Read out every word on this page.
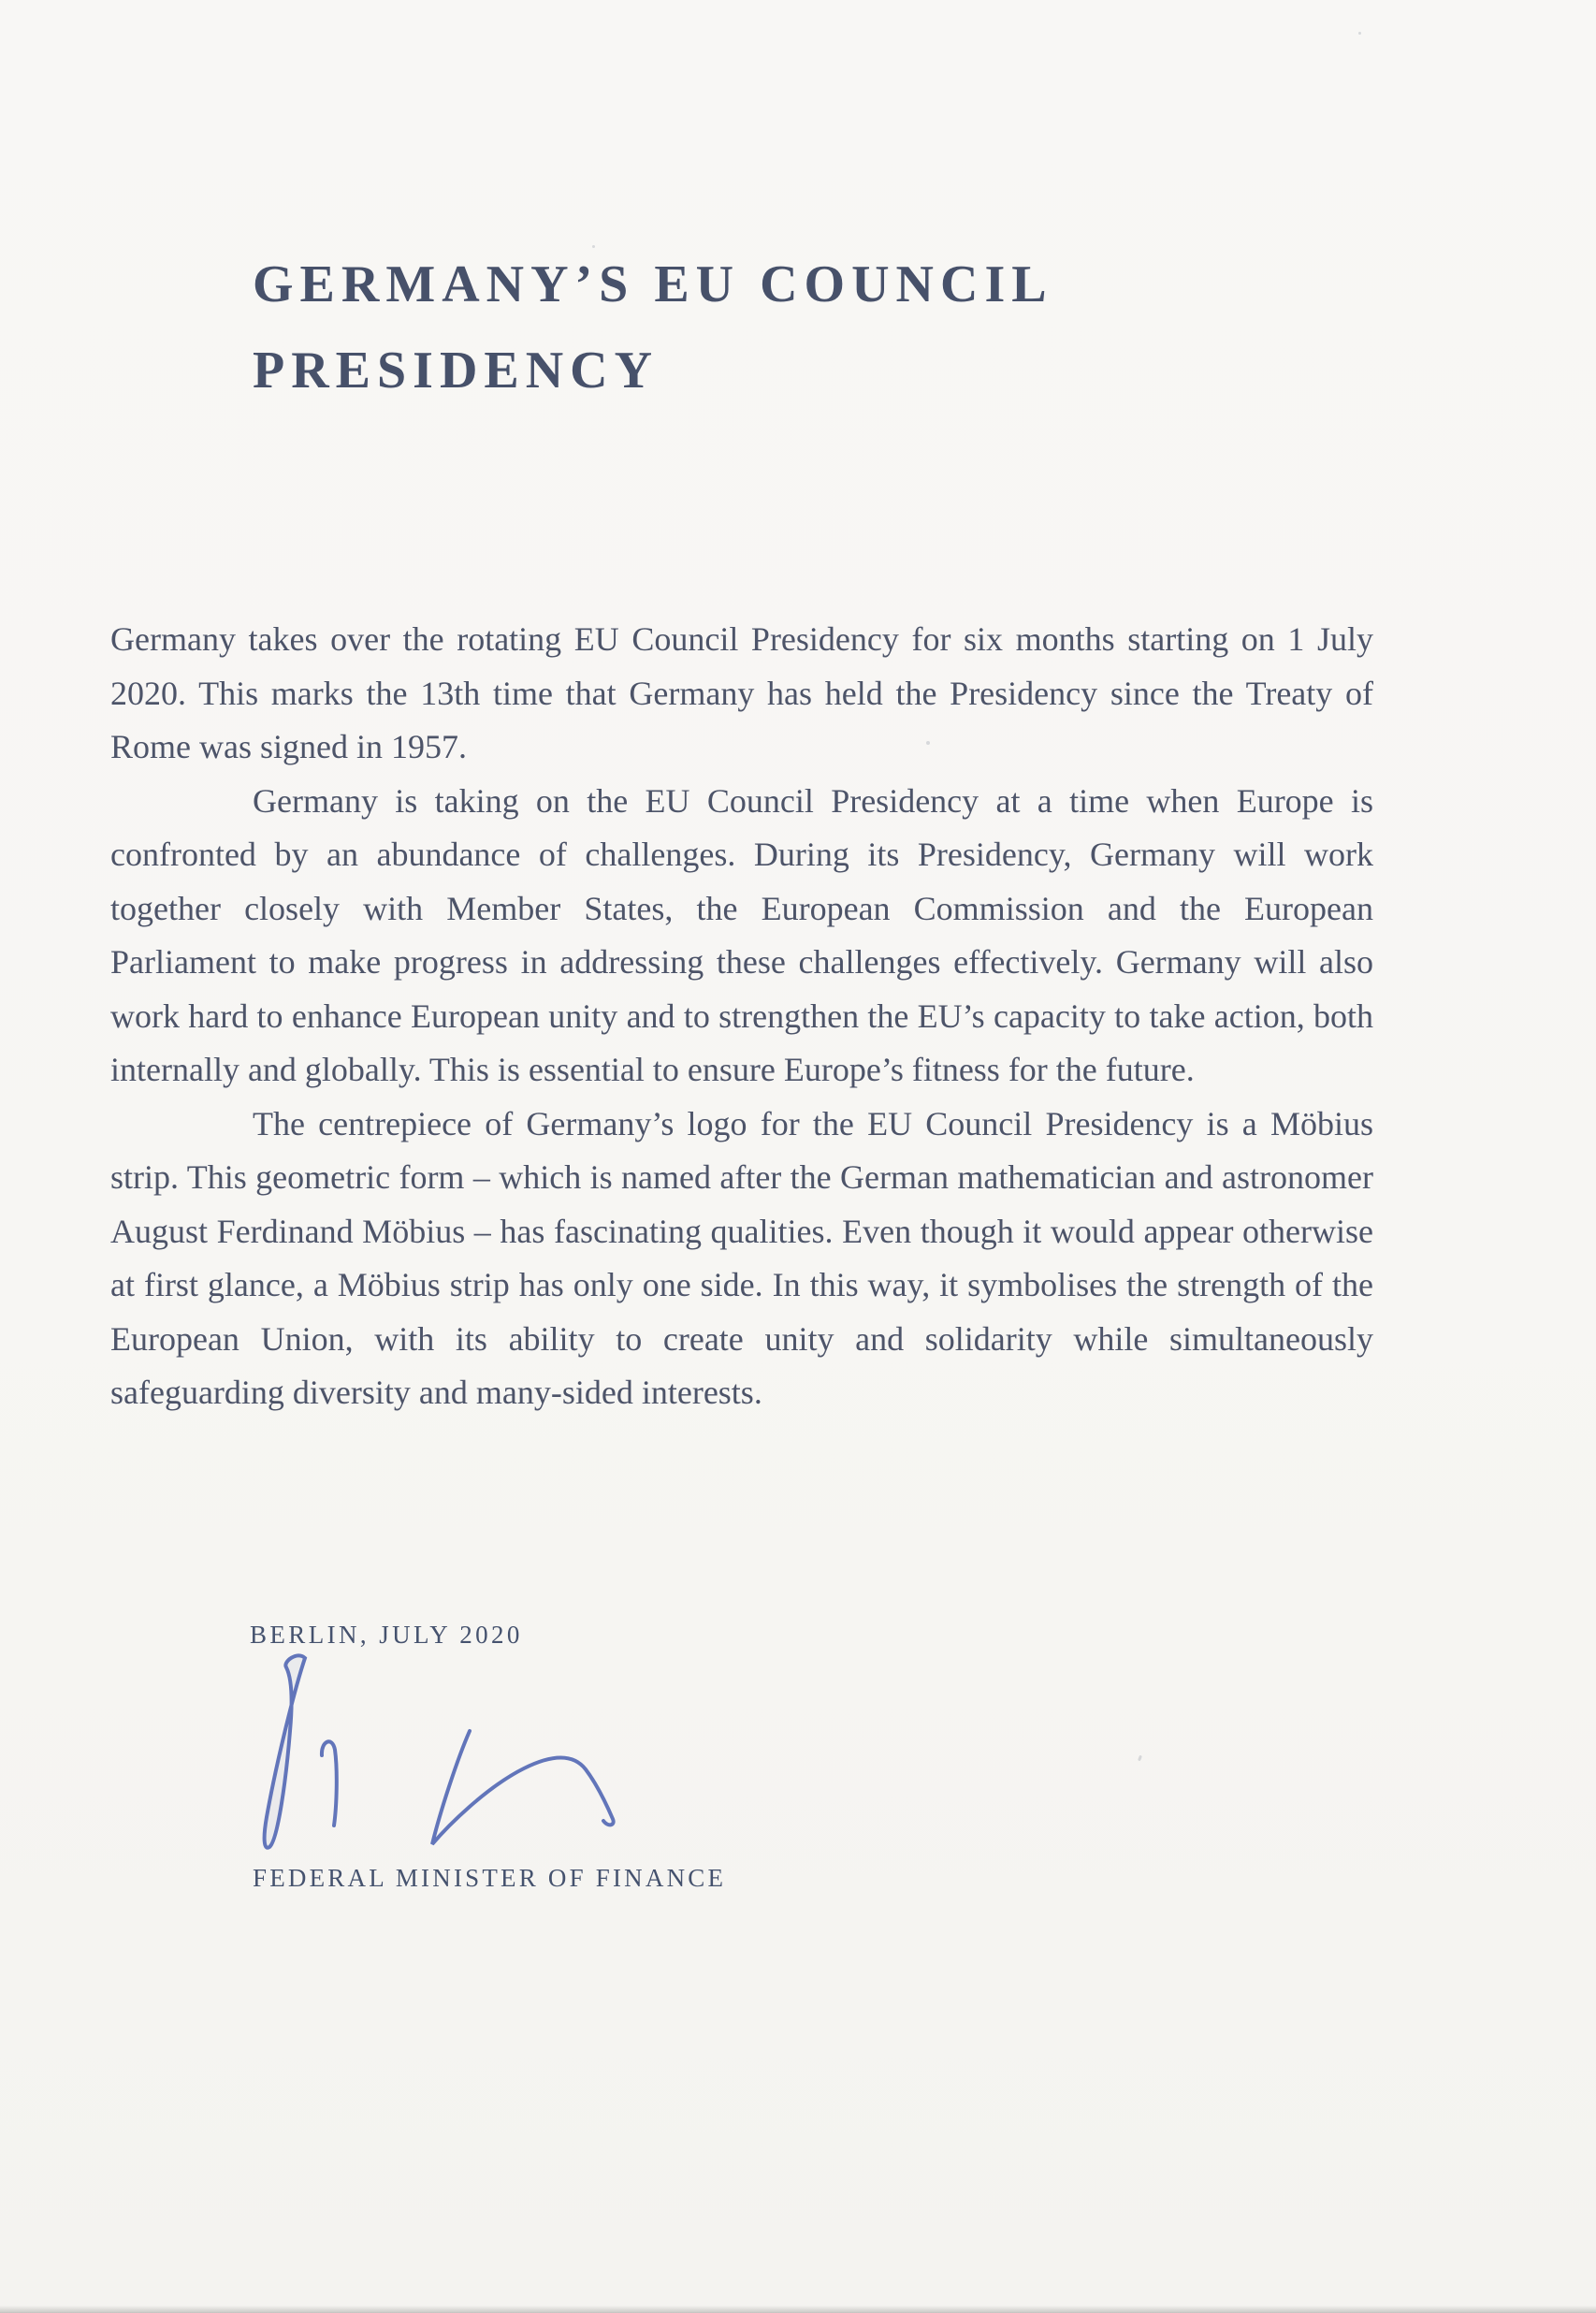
GERMANY’S EU COUNCIL
PRESIDENCY

Germany takes over the rotating EU Council Presidency for six months starting on 1 July 2020. This marks the 13th time that Germany has held the Presidency since the Treaty of Rome was signed in 1957.

Germany is taking on the EU Council Presidency at a time when Europe is confronted by an abundance of challenges. During its Presidency, Germany will work together closely with Member States, the European Commission and the European Parliament to make progress in addressing these challenges effectively. Germany will also work hard to enhance European unity and to strengthen the EU’s capacity to take action, both internally and globally. This is essential to ensure Europe’s fitness for the future.

The centrepiece of Germany’s logo for the EU Council Presidency is a Möbius strip. This geometric form – which is named after the German mathematician and astronomer August Ferdinand Möbius – has fascinating qualities. Even though it would appear otherwise at first glance, a Möbius strip has only one side. In this way, it symbolises the strength of the European Union, with its ability to create unity and solidarity while simultaneously safeguarding diversity and many-sided interests.

BERLIN, JULY 2020
FEDERAL MINISTER OF FINANCE
